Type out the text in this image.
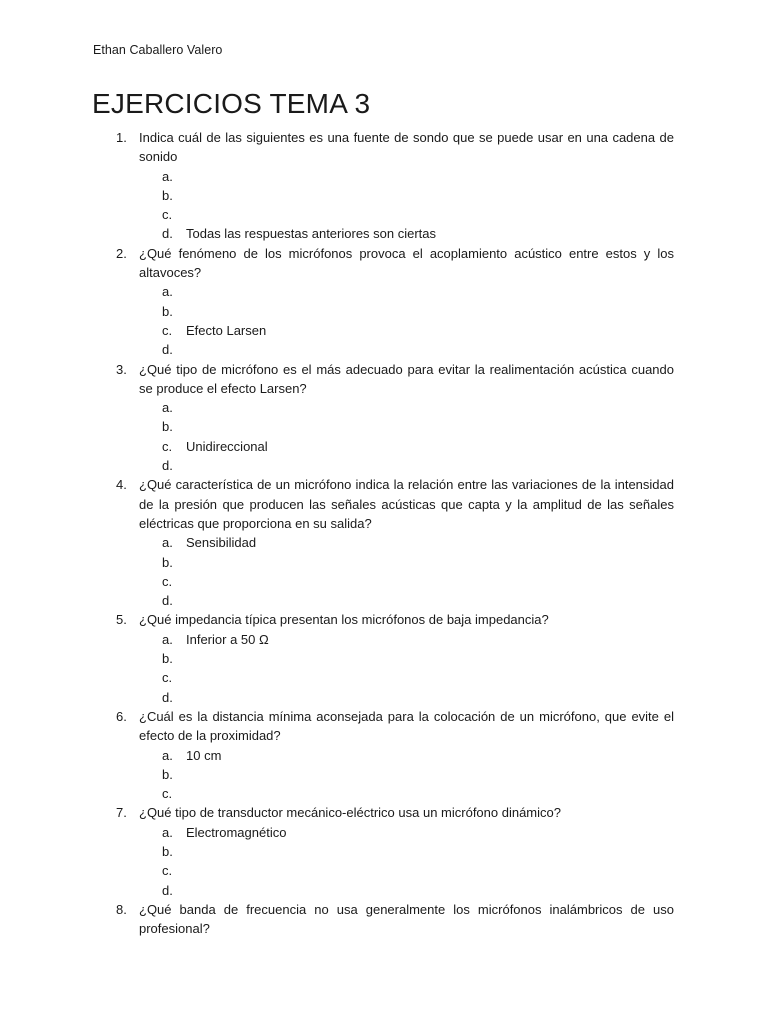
Ethan Caballero Valero
EJERCICIOS TEMA 3
1. Indica cuál de las siguientes es una fuente de sondo que se puede usar en una cadena de sonido
a.
b.
c.
d. Todas las respuestas anteriores son ciertas
2. ¿Qué fenómeno de los micrófonos provoca el acoplamiento acústico entre estos y los altavoces?
a.
b.
c. Efecto Larsen
d.
3. ¿Qué tipo de micrófono es el más adecuado para evitar la realimentación acústica cuando se produce el efecto Larsen?
a.
b.
c. Unidireccional
d.
4. ¿Qué característica de un micrófono indica la relación entre las variaciones de la intensidad de la presión que producen las señales acústicas que capta y la amplitud de las señales eléctricas que proporciona en su salida?
a. Sensibilidad
b.
c.
d.
5. ¿Qué impedancia típica presentan los micrófonos de baja impedancia?
a. Inferior a 50 Ω
b.
c.
d.
6. ¿Cuál es la distancia mínima aconsejada para la colocación de un micrófono, que evite el efecto de la proximidad?
a. 10 cm
b.
c.
7. ¿Qué tipo de transductor mecánico-eléctrico usa un micrófono dinámico?
a. Electromagnético
b.
c.
d.
8. ¿Qué banda de frecuencia no usa generalmente los micrófonos inalámbricos de uso profesional?
